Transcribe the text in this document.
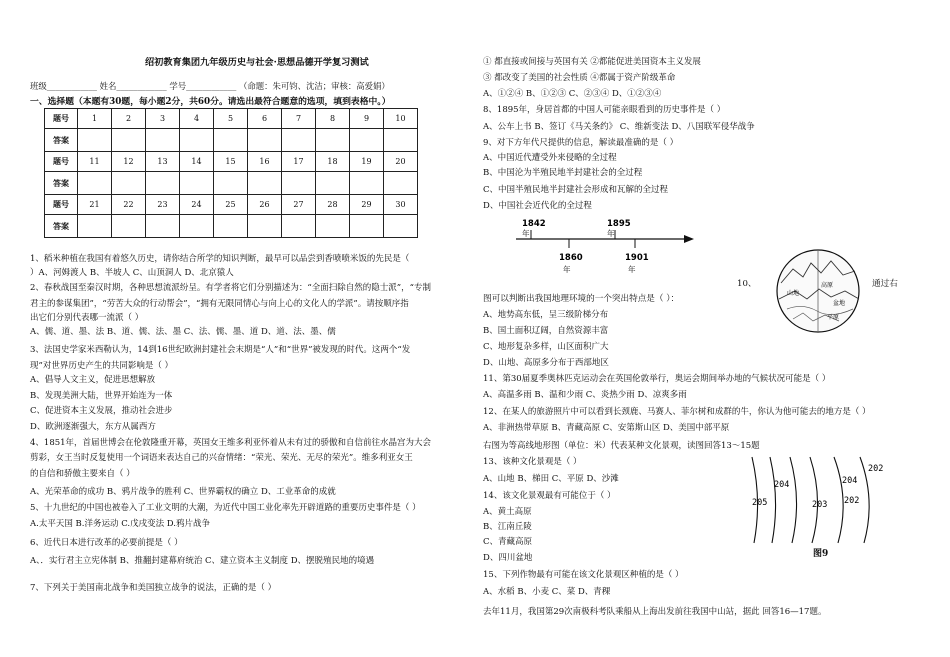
绍初教育集团九年级历史与社会·思想品德开学复习测试
班级____________ 姓名____________ 学号____________ （命题：朱可钧、沈洁；审核：高爱娟）
一、选择题（本题有30题，每小题2分，共60分。请选出最符合题意的选项，填到表格中。）
题号	1	2	3	4	5	6	7	8	9	10
答案										
题号	11	12	13	14	15	16	17	18	19	20
答案										
题号	21	22	23	24	25	26	27	28	29	30
答案										
1、稻米种植在我国有着悠久历史，请你结合所学的知识判断，最早可以品尝到香喷喷米饭的先民是（
）A、河姆渡人 B、半坡人 C、山顶洞人 D、北京猿人
2、春秋战国至秦汉时期，各种思想流派纷呈。有学者将它们分别描述为：“全面扫除自然的隐士派”，“专制
君主的参谋集团”，“劳苦大众的行动帮会”，“拥有无限同情心与向上心的文化人的学派”。请按顺序指
出它们分别代表哪一流派（ ）
A、儒、道、墨、法 B、道、儒、法、墨 C、法、儒、墨、道 D、道、法、墨、儒
3、法国史学家米西勒认为，14到16世纪欧洲封建社会末期是“人”和“世界”被发现的时代。这两个“发
现”对世界历史产生的共同影响是（ ）
A、倡导人文主义，促进思想解放
B、发现美洲大陆，世界开始连为一体
C、促进资本主义发展，推动社会进步
D、欧洲逐渐强大，东方从属西方
4、1851年，首届世博会在伦敦隆重开幕，英国女王维多利亚怀着从未有过的骄傲和自信前往水晶宫为大会
剪彩，女王当时反复使用一个词语来表达自己的兴奋情绪：“荣光、荣光、无尽的荣光”。维多利亚女王
的自信和骄傲主要来自（ ）
A、光荣革命的成功 B、鸦片战争的胜利 C、世界霸权的确立 D、工业革命的成就
5、十九世纪的中国也被卷入了工业文明的大潮，为近代中国工业化率先开辟道路的重要历史事件是（ ）
A.太平天国 B.洋务运动 C.戊戌变法 D.鸦片战争
6、近代日本进行改革的必要前提是（ ）
A、．实行君主立宪体制 B、推翻封建幕府统治 C、建立资本主义制度 D、摆脱殖民地的境遇
7、下列关于美国南北战争和美国独立战争的说法，正确的是（ ）
① 都直接或间接与英国有关 ②都能促进美国资本主义发展
③ 都改变了美国的社会性质 ④都属于资产阶级革命
A、①②④ B、①②③ C、②③④ D、①②③④
8、1895年，身居首都的中国人可能亲眼看到的历史事件是（ ）
A、公车上书 B、签订《马关条约》 C、维新变法 D、八国联军侵华战争
9、对下方年代尺提供的信息，解读最准确的是（ ）
A、中国近代遭受外来侵略的全过程
B、中国沦为半殖民地半封建社会的全过程
C、中国半殖民地半封建社会形成和瓦解的全过程
D、中国社会近代化的全过程
1842
年
1895
年
1860
年
1901
年
10、	通过右
高原
盆地
平原
山地
图可以判断出我国地理环境的一个突出特点是（ ）：
A、地势高东低，呈三级阶梯分布
B、国土面积辽阔，自然资源丰富
C、地形复杂多样，山区面积广大
D、山地、高原多分布于西部地区
11、第30届夏季奥林匹克运动会在英国伦敦举行，奥运会期间举办地的气候状况可能是（ ）
A、高温多雨 B、温和少雨 C、炎热少雨 D、凉爽多雨
12、在某人的旅游照片中可以看到长颈鹿、马赛人、菲尔树和成群的牛，你认为他可能去的地方是（ ）
A、非洲热带草原 B、青藏高原 C、安第斯山区 D、美国中部平原
右图为等高线地形图（单位：米）代表某种文化景观，读图回答13～15题
13、该种文化景观是（ ）
A、山地 B、梯田 C、平原 D、沙滩
14、该文化景观最有可能位于（ ）
A、黄土高原
B、江南丘陵
C、青藏高原
D、四川盆地
15、下列作物最有可能在该文化景观区种植的是（ ）
A、水稻 B、小麦 C、菜 D、青稞
去年11月，我国第29次南极科考队乘船从上海出发前往我国中山站，据此 回答16—17题。
202
204
205	203 202
204
图9
